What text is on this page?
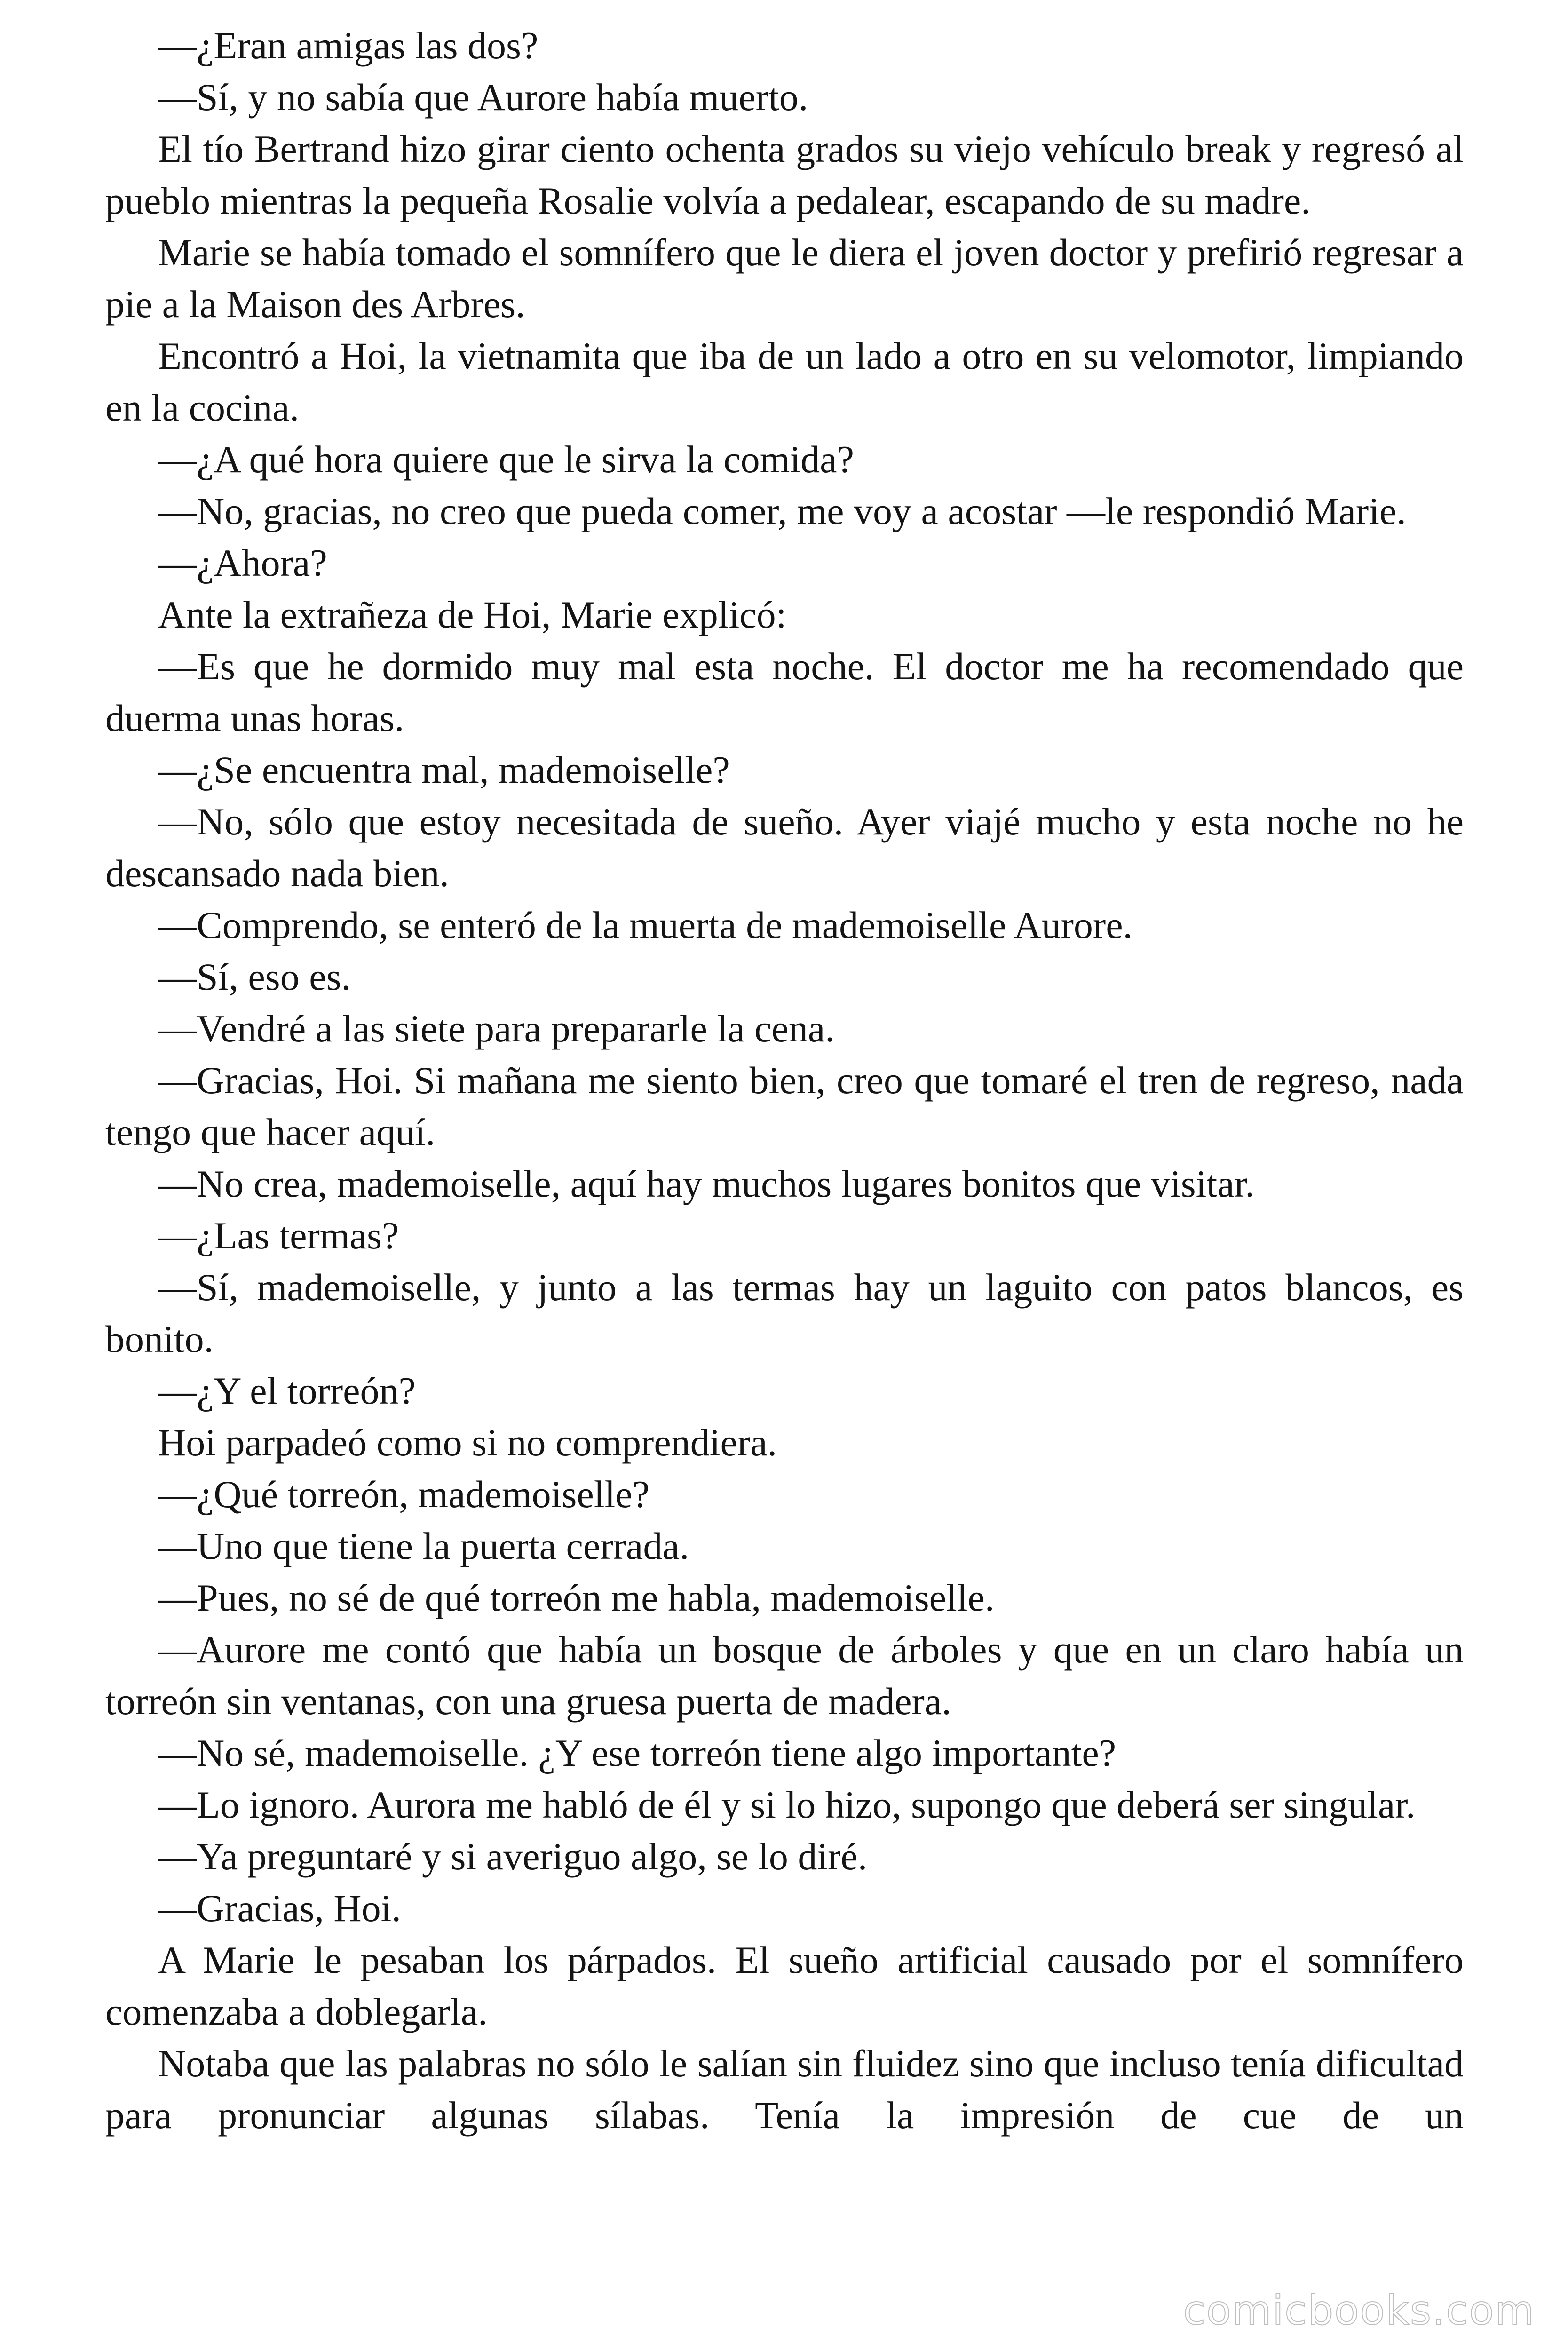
—¿Eran amigas las dos?

—Sí, y no sabía que Aurore había muerto.

El tío Bertrand hizo girar ciento ochenta grados su viejo vehículo break y regresó al pueblo mientras la pequeña Rosalie volvía a pedalear, escapando de su madre.

Marie se había tomado el somnífero que le diera el joven doctor y prefirió regresar a pie a la Maison des Arbres.

Encontró a Hoi, la vietnamita que iba de un lado a otro en su velomotor, limpiando en la cocina.

—¿A qué hora quiere que le sirva la comida?

—No, gracias, no creo que pueda comer, me voy a acostar —le respondió Marie.

—¿Ahora?

Ante la extrañeza de Hoi, Marie explicó:

—Es que he dormido muy mal esta noche. El doctor me ha recomendado que duerma unas horas.

—¿Se encuentra mal, mademoiselle?

—No, sólo que estoy necesitada de sueño. Ayer viajé mucho y esta noche no he descansado nada bien.

—Comprendo, se enteró de la muerta de mademoiselle Aurore.

—Sí, eso es.

—Vendré a las siete para prepararle la cena.

—Gracias, Hoi. Si mañana me siento bien, creo que tomaré el tren de regreso, nada tengo que hacer aquí.

—No crea, mademoiselle, aquí hay muchos lugares bonitos que visitar.

—¿Las termas?

—Sí, mademoiselle, y junto a las termas hay un laguito con patos blancos, es bonito.

—¿Y el torreón?

Hoi parpadeó como si no comprendiera.

—¿Qué torreón, mademoiselle?

—Uno que tiene la puerta cerrada.

—Pues, no sé de qué torreón me habla, mademoiselle.

—Aurore me contó que había un bosque de árboles y que en un claro había un torreón sin ventanas, con una gruesa puerta de madera.

—No sé, mademoiselle. ¿Y ese torreón tiene algo importante?

—Lo ignoro. Aurora me habló de él y si lo hizo, supongo que deberá ser singular.

—Ya preguntaré y si averiguo algo, se lo diré.

—Gracias, Hoi.

A Marie le pesaban los párpados. El sueño artificial causado por el somnífero comenzaba a doblegarla.

Notaba que las palabras no sólo le salían sin fluidez sino que incluso tenía dificultad para pronunciar algunas sílabas. Tenía la impresión de cue de un

comicbooks.com
